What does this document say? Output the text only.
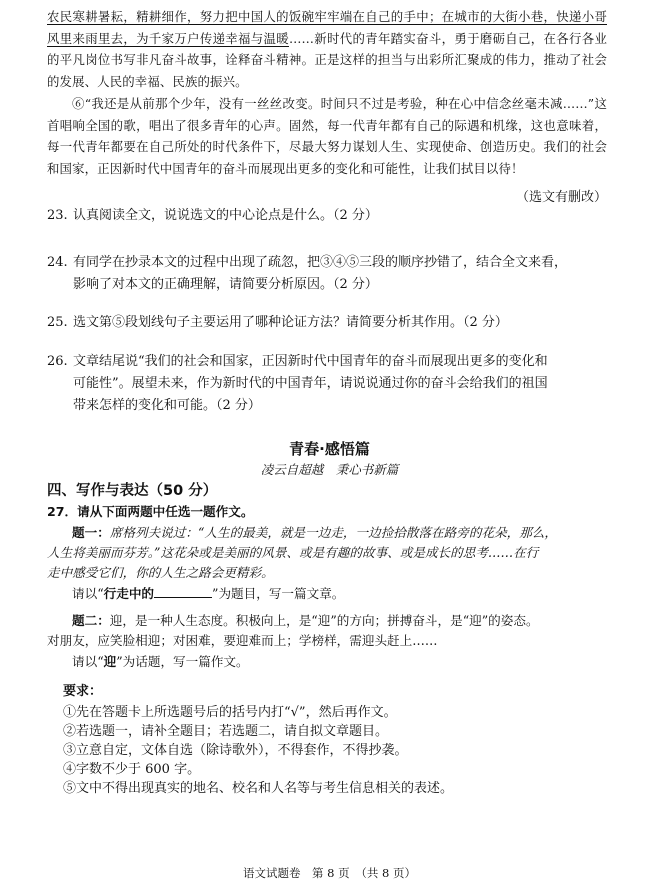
农民寒耕暑耘，精耕细作，努力把中国人的饭碗牢牢端在自己的手中；在城市的大街小巷，快递小哥风里来雨里去，为千家万户传递幸福与温暖……新时代的青年踏实奋斗，勇于磨砺自己，在各行各业的平凡岗位书写非凡奋斗故事，诠释奋斗精神。正是这样的担当与出彩所汇聚成的伟力，推动了社会的发展、人民的幸福、民族的振兴。

⑥“我还是从前那个少年，没有一丝丝改变。时间只不过是考验，种在心中信念丝毫未减……”这首唱响全国的歌，唱出了很多青年的心声。固然，每一代青年都有自己的际遇和机缘，这也意味着，每一代青年都要在自己所处的时代条件下，尽最大努力谋划人生、实现使命、创造历史。我们的社会和国家，正因新时代中国青年的奋斗而展现出更多的变化和可能性，让我们拭目以待！

（选文有删改）
23. 认真阅读全文，说说选文的中心论点是什么。（2 分）
24. 有同学在抄录本文的过程中出现了疏忽，把③④⑤三段的顺序抄错了，结合全文来看，
影响了对本文的正确理解，请简要分析原因。（2 分）
25. 选文第⑤段划线句子主要运用了哪种论证方法？请简要分析其作用。（2 分）
26. 文章结尾说“我们的社会和国家，正因新时代中国青年的奋斗而展现出更多的变化和
可能性”。展望未来，作为新时代的中国青年，请说说通过你的奋斗会给我们的祖国
带来怎样的变化和可能。（2 分）
青春·感悟篇
凌云自超越　秉心书新篇
四、写作与表达（50 分）
27．请从下面两题中任选一题作文。
题一：席格列夫说过：“人生的最美，就是一边走，一边捡拾散落在路旁的花朵，那么，
人生将美丽而芬芳。”这花朵或是美丽的风景、或是有趣的故事、或是成长的思考……在行
走中感受它们，你的人生之路会更精彩。
请以“行走中的	”为题目，写一篇文章。
题二：迎，是一种人生态度。积极向上，是“迎”的方向；拼搏奋斗，是“迎”的姿态。
对朋友，应笑脸相迎；对困难，要迎难而上；学榜样，需迎头赶上……
请以“迎”为话题，写一篇作文。
要求：
①先在答题卡上所选题号后的括号内打“√”，然后再作文。
②若选题一，请补全题目；若选题二，请自拟文章题目。
③立意自定，文体自选（除诗歌外），不得套作，不得抄袭。
④字数不少于 600 字。
⑤文中不得出现真实的地名、校名和人名等与考生信息相关的表述。
语文试题卷　第 8 页　（共 8 页）
